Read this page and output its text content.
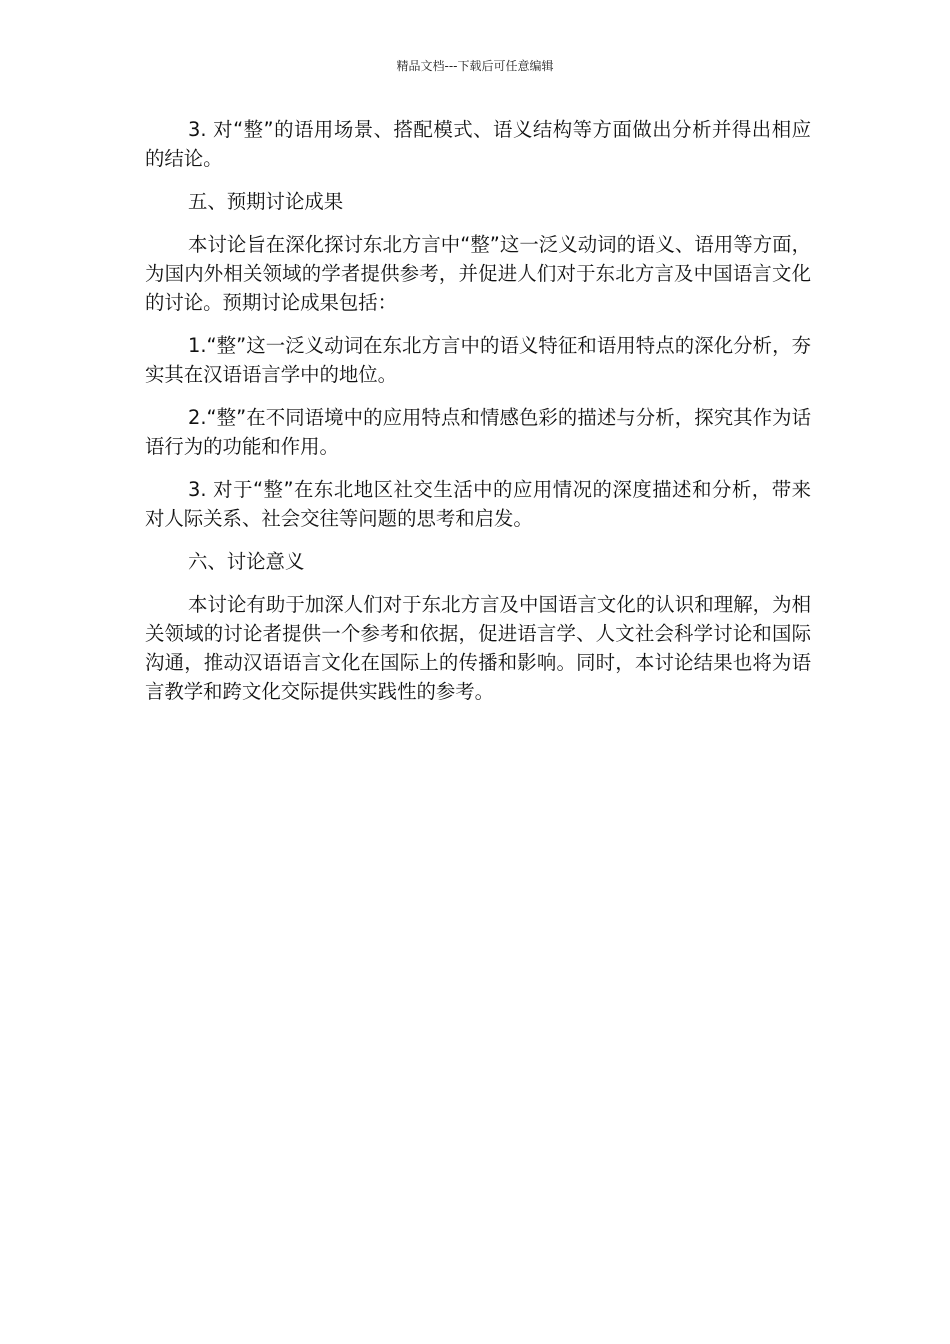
精品文档---下载后可任意编辑

3. 对“整”的语用场景、搭配模式、语义结构等方面做出分析并得出相应的结论。

五、预期讨论成果

本讨论旨在深化探讨东北方言中“整”这一泛义动词的语义、语用等方面，为国内外相关领域的学者提供参考，并促进人们对于东北方言及中国语言文化的讨论。预期讨论成果包括：

1.“整”这一泛义动词在东北方言中的语义特征和语用特点的深化分析，夯实其在汉语语言学中的地位。

2.“整”在不同语境中的应用特点和情感色彩的描述与分析，探究其作为话语行为的功能和作用。

3. 对于“整”在东北地区社交生活中的应用情况的深度描述和分析，带来对人际关系、社会交往等问题的思考和启发。

六、讨论意义

本讨论有助于加深人们对于东北方言及中国语言文化的认识和理解，为相关领域的讨论者提供一个参考和依据，促进语言学、人文社会科学讨论和国际沟通，推动汉语语言文化在国际上的传播和影响。同时，本讨论结果也将为语言教学和跨文化交际提供实践性的参考。
